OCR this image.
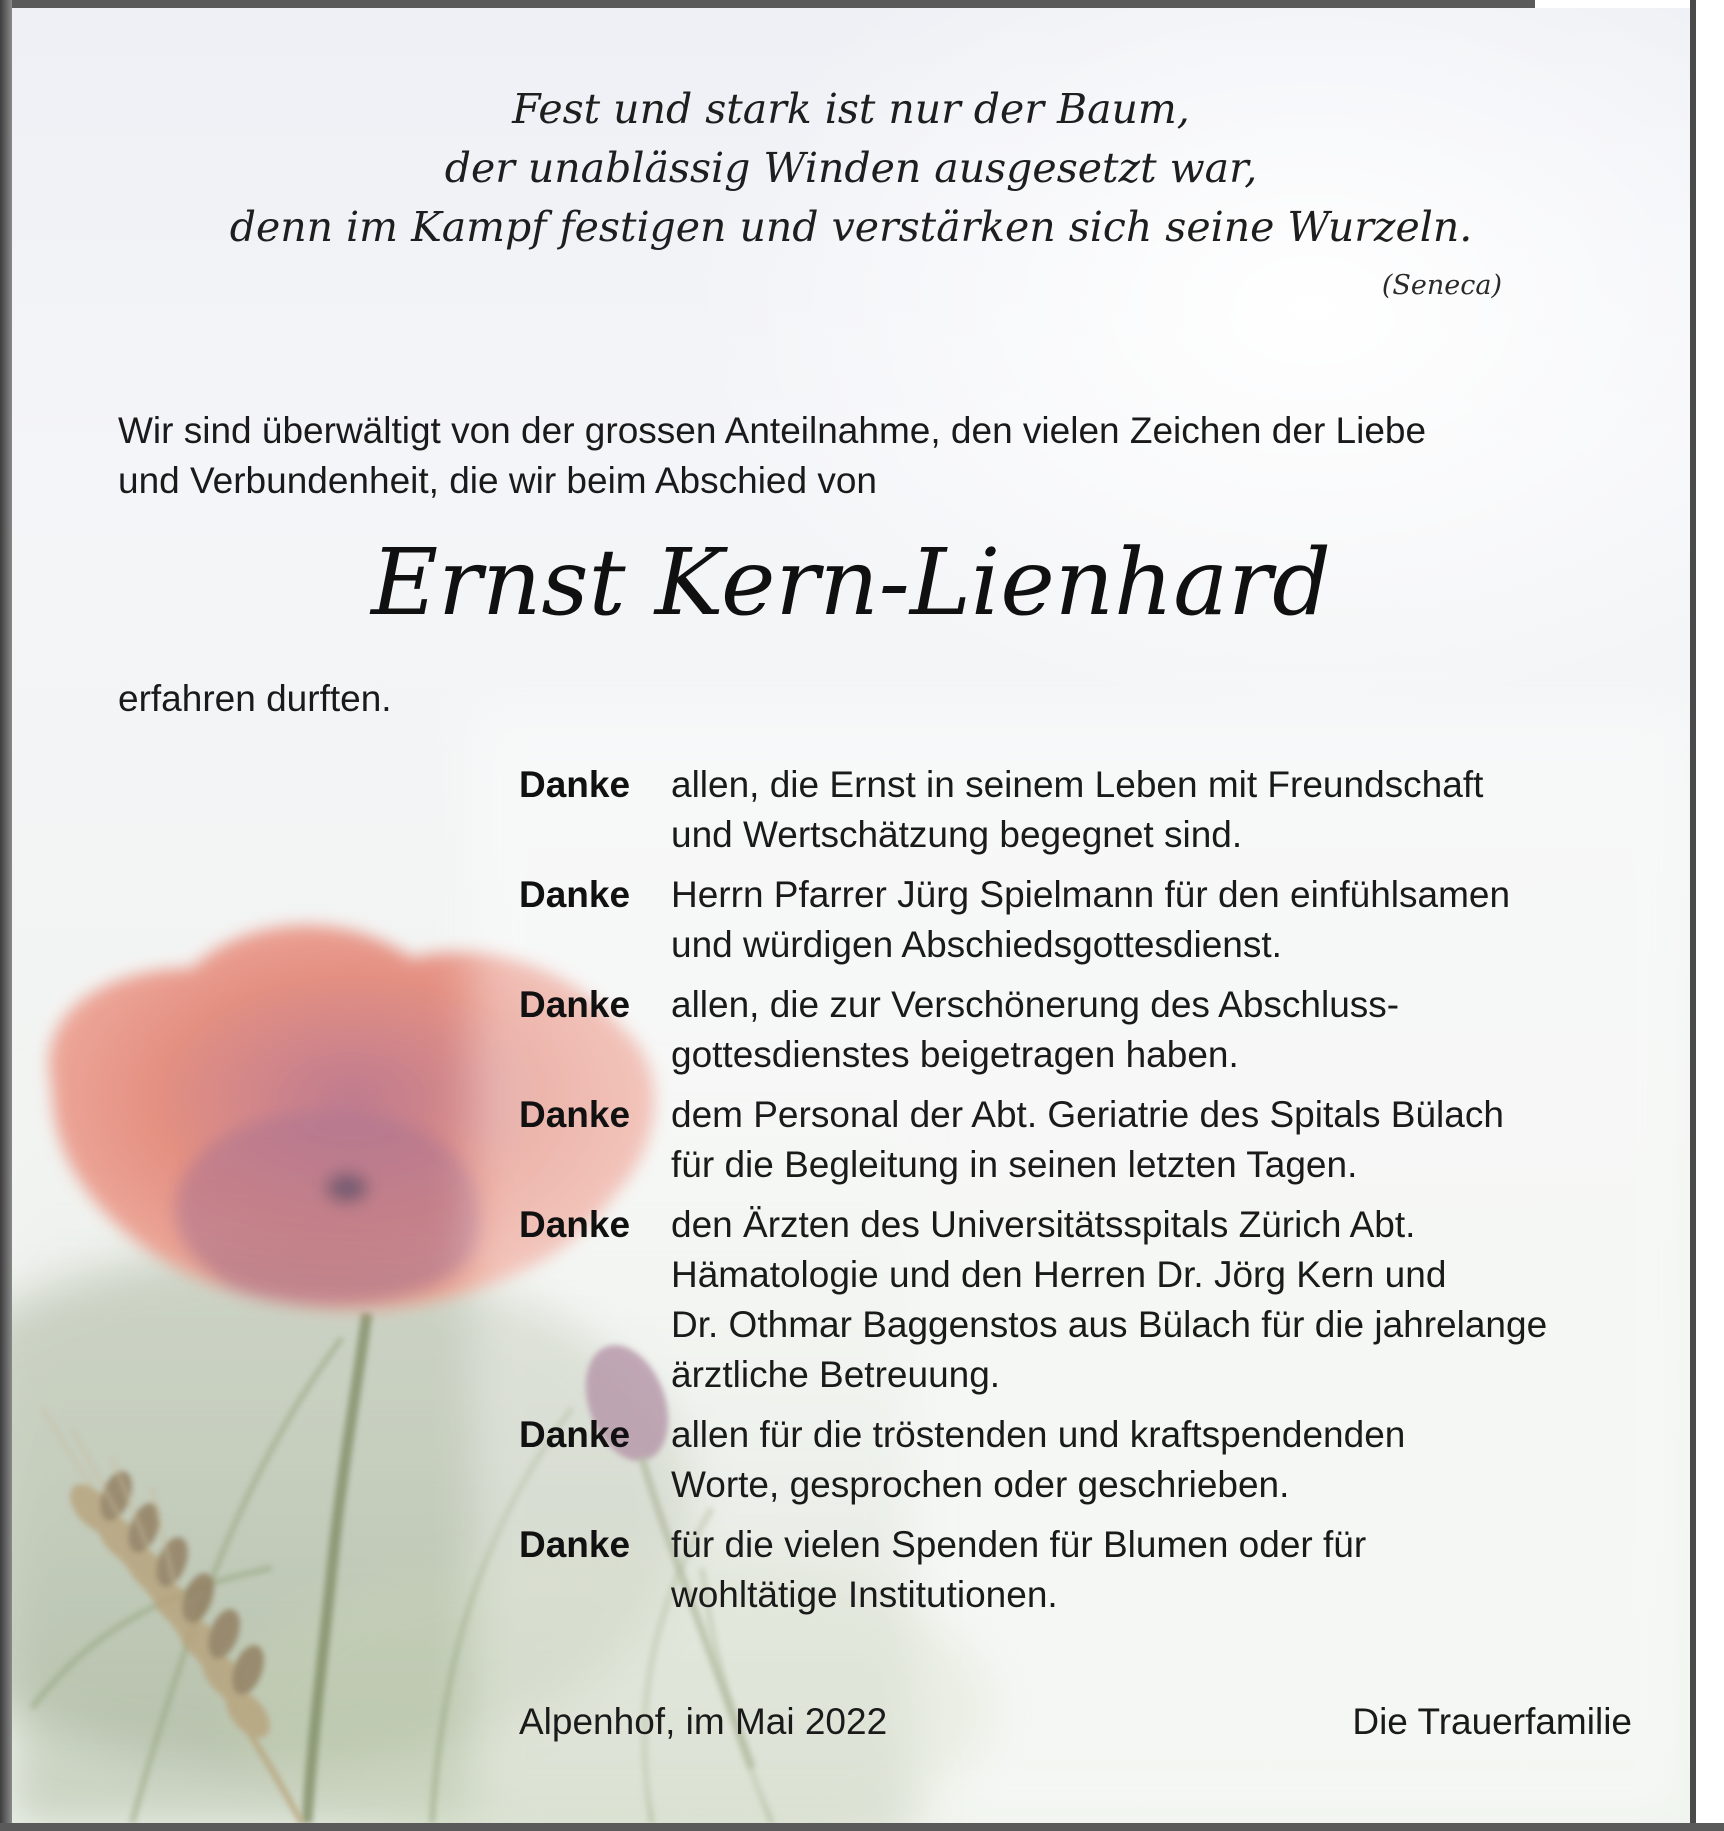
Fest und stark ist nur der Baum,
der unablässig Winden ausgesetzt war,
denn im Kampf festigen und verstärken sich seine Wurzeln.
(Seneca)
Wir sind überwältigt von der grossen Anteilnahme, den vielen Zeichen der Liebe
und Verbundenheit, die wir beim Abschied von
Ernst Kern-Lienhard
erfahren durften.
Danke	allen, die Ernst in seinem Leben mit Freundschaft
und Wertschätzung begegnet sind.
Danke	Herrn Pfarrer Jürg Spielmann für den einfühlsamen
und würdigen Abschiedsgottesdienst.
Danke	allen, die zur Verschönerung des Abschluss-
gottesdienstes beigetragen haben.
Danke	dem Personal der Abt. Geriatrie des Spitals Bülach
für die Begleitung in seinen letzten Tagen.
Danke	den Ärzten des Universitätsspitals Zürich Abt.
Hämatologie und den Herren Dr. Jörg Kern und
Dr. Othmar Baggenstos aus Bülach für die jahrelange
ärztliche Betreuung.
Danke	allen für die tröstenden und kraftspendenden
Worte, gesprochen oder geschrieben.
Danke	für die vielen Spenden für Blumen oder für
wohltätige Institutionen.
Alpenhof, im Mai 2022	Die Trauerfamilie
